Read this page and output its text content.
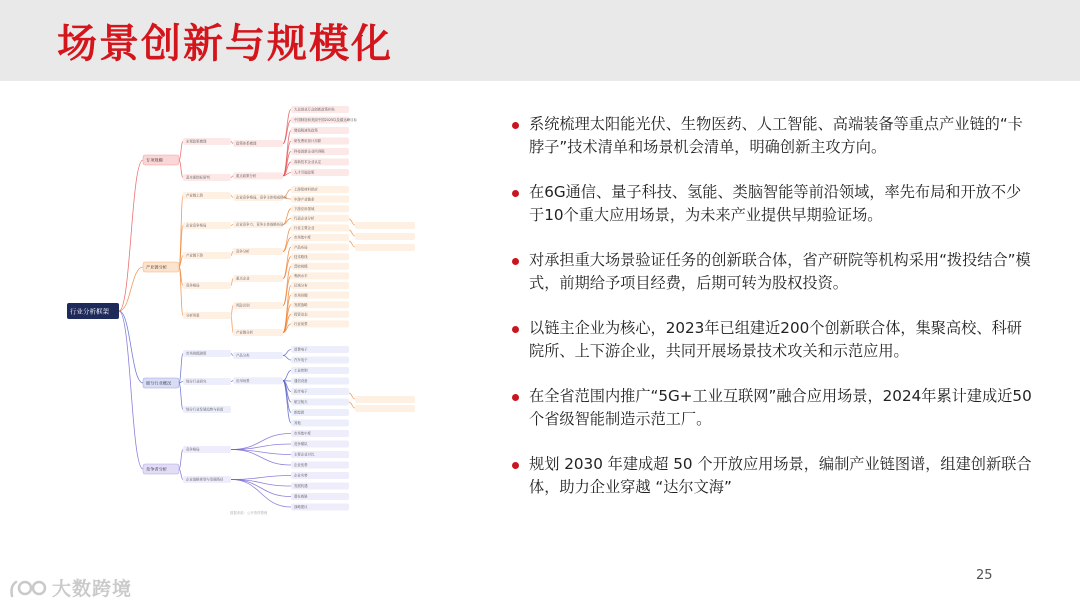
场景创新与规模化
行业分析框架
专项规模
宏观政策梳理
基本面指标研判
政策体系梳理
重点政策分析
大众创业万众创新政策补贴
中国制造和美丽中国2025以及碳达峰目标
增值税减免政策
研发费用加计扣除
科技创新企业所得税
高新技术企业认定
人才引进政策
产业链分析
产业链上游
企业竞争格局
产业链下游
竞争格局
分析场景
企业竞争格局，竞争主体构成情况
企业竞争力，竞争主体战略布局
竞争分析
重点企业
风险识别
产业链分析
上游原材料供应
中游产业链条
下游应用领域
代表企业分析
行业主要企业
市场集中度
产品布局
技术路线
营收规模
利润水平
区域分布
市场份额
发展战略
投资动态
行业前景
细分行业概况
市场规模测算
细分行业研究
细分行业发展趋势与前景
产品分类
应用场景
消费电子
汽车电子
工业控制
通信设备
医疗电子
航空航天
新能源
其他
竞争者分析
竞争格局
企业战略规划与发展路径
市场集中度
竞争梯队
主要企业对比
企业优势
企业劣势
发展机遇
潜在威胁
战略建议
数据来源：公开资料整理
系统梳理太阳能光伏、生物医药、人工智能、高端装备等重点产业链的“卡脖子”技术清单和场景机会清单，明确创新主攻方向。
在6G通信、量子科技、氢能、类脑智能等前沿领域，率先布局和开放不少于10个重大应用场景，为未来产业提供早期验证场。
对承担重大场景验证任务的创新联合体，省产研院等机构采用“拨投结合”模式，前期给予项目经费，后期可转为股权投资。
以链主企业为核心，2023年已组建近200个创新联合体，集聚高校、科研院所、上下游企业，共同开展场景技术攻关和示范应用。
在全省范围内推广“5G+工业互联网”融合应用场景，2024年累计建成近50个省级智能制造示范工厂。
规划 2030 年建成超 50 个开放应用场景，编制产业链图谱，组建创新联合体，助力企业穿越 “达尔文海”
25
大数跨境
